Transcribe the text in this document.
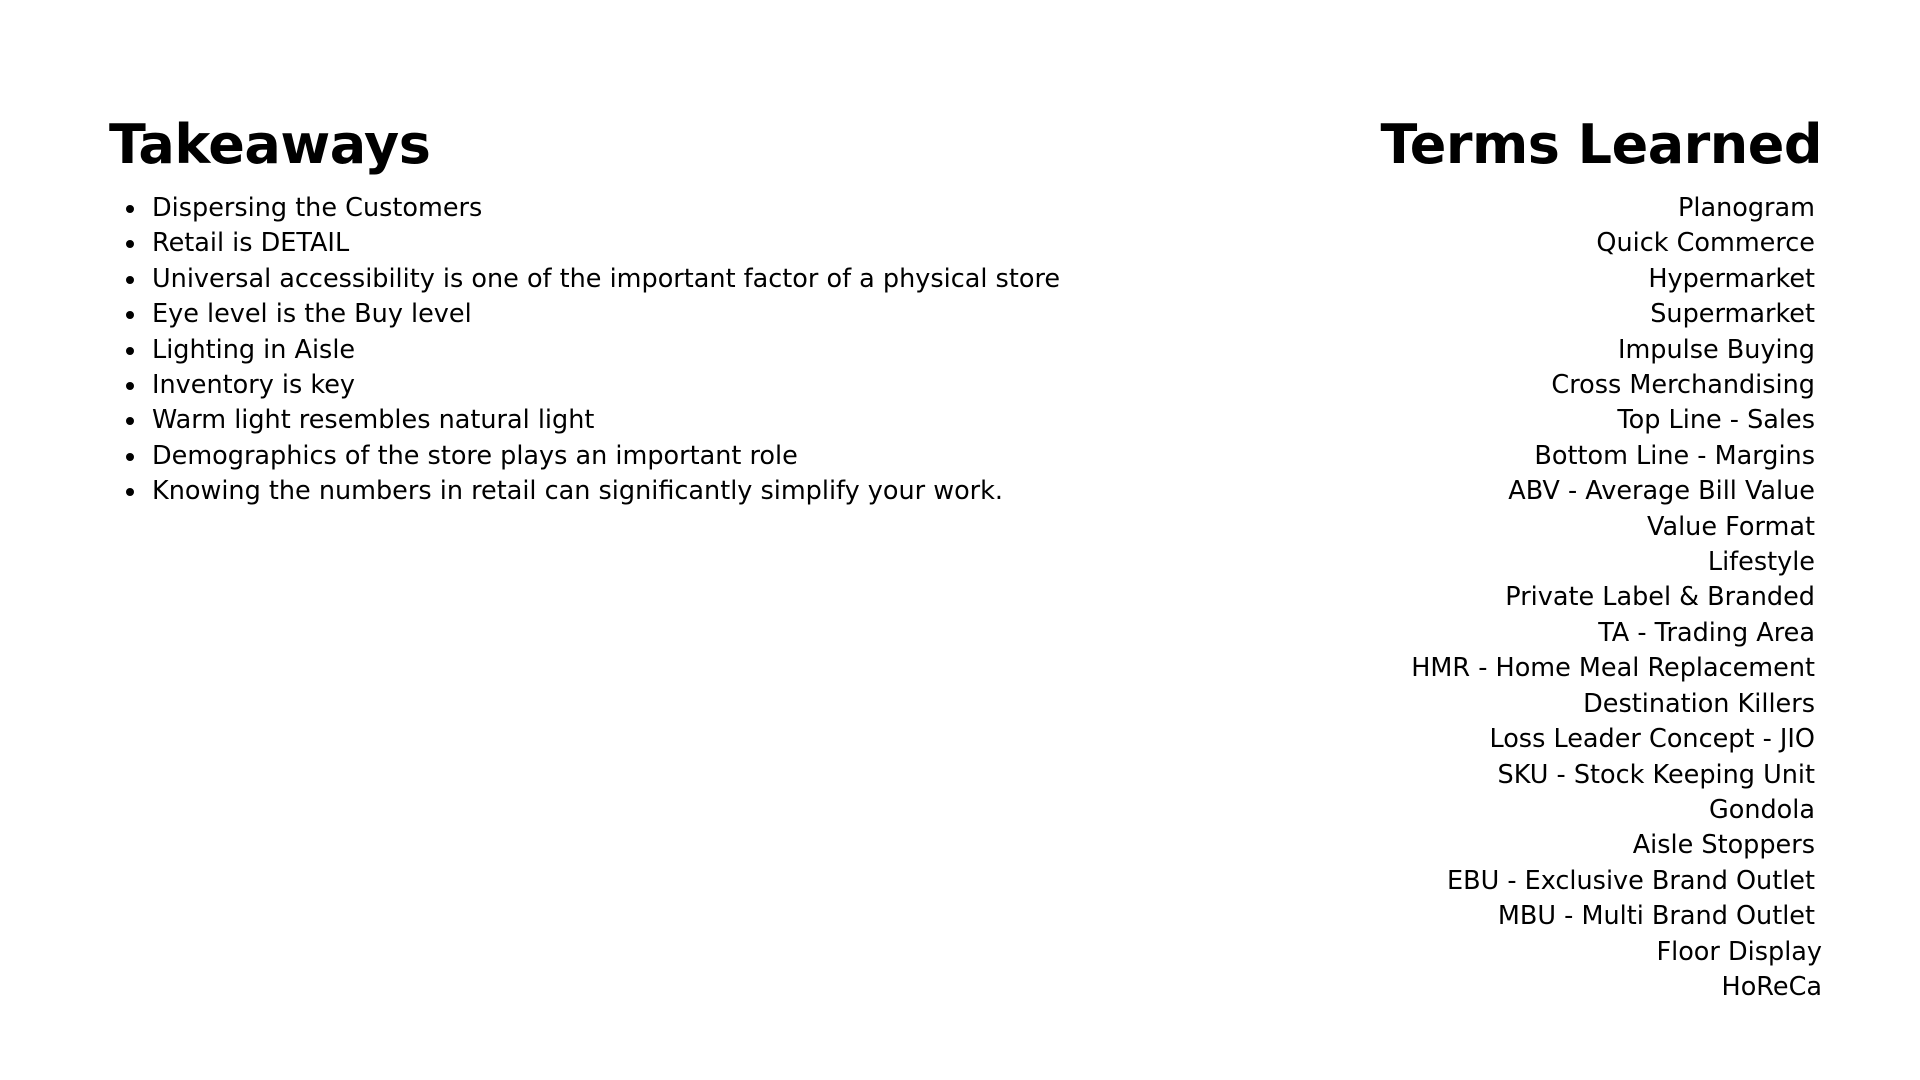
Takeaways
Dispersing the Customers
Retail is DETAIL
Universal accessibility is one of the important factor of a physical store
Eye level is the Buy level
Lighting in Aisle
Inventory is key
Warm light resembles natural light
Demographics of the store plays an important role
Knowing the numbers in retail can significantly simplify your work.
Terms Learned
Planogram
Quick Commerce
Hypermarket
Supermarket
Impulse Buying
Cross Merchandising
Top Line - Sales
Bottom Line - Margins
ABV - Average Bill Value
Value Format
Lifestyle
Private Label & Branded
TA - Trading Area
HMR - Home Meal Replacement
Destination Killers
Loss Leader Concept - JIO
SKU - Stock Keeping Unit
Gondola
Aisle Stoppers
EBU - Exclusive Brand Outlet
MBU - Multi Brand Outlet
Floor Display
HoReCa
